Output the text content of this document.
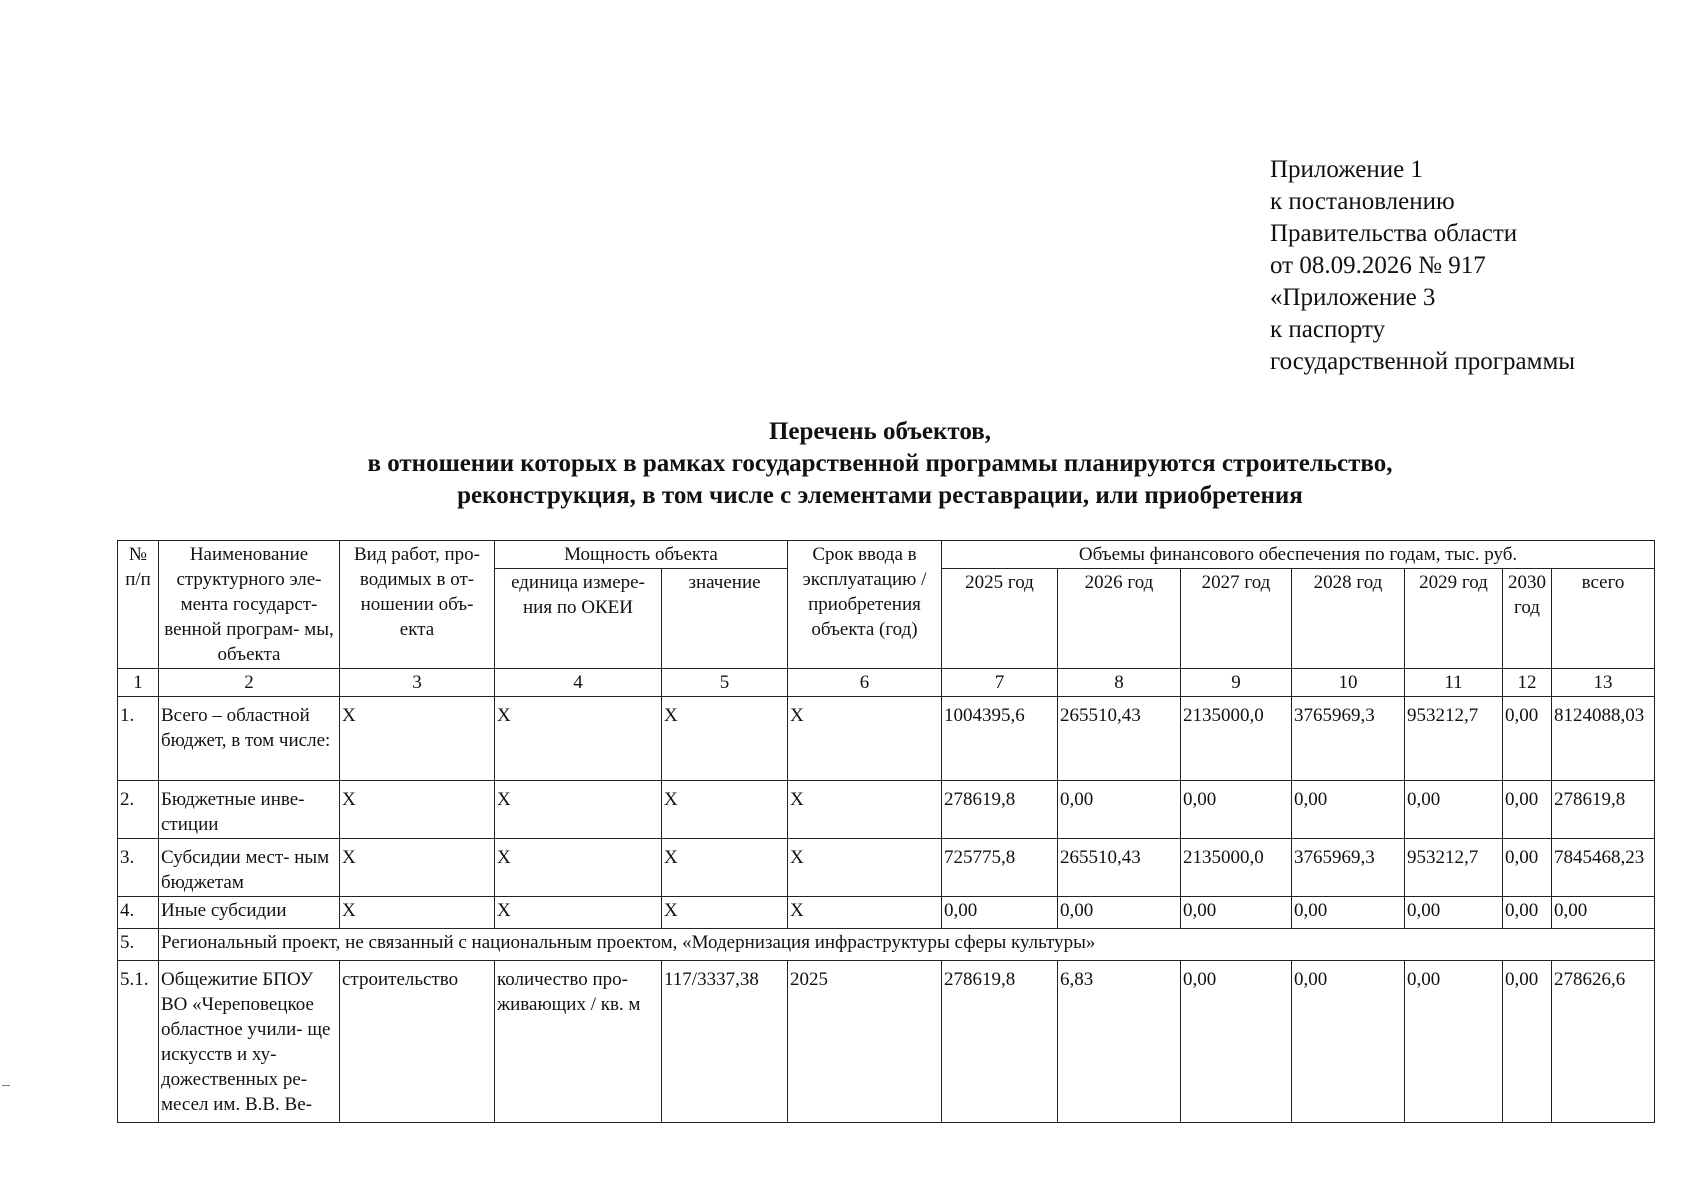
Приложение 1
к постановлению
Правительства области
от 08.09.2026 № 917
«Приложение 3
к паспорту
государственной программы
Перечень объектов,
в отношении которых в рамках государственной программы планируются строительство,
реконструкция, в том числе с элементами реставрации, или приобретения
№ п/п	Наименование структурного эле- мента государст- венной програм- мы, объекта	Вид работ, про- водимых в от- ношении объ- екта	Мощность объекта		Срок ввода в эксплуатацию / приобретения объекта (год)	Объемы финансового обеспечения по годам, тыс. руб.						
			единица измере- ния по ОКЕИ	значение		2025 год	2026 год	2027 год	2028 год	2029 год	2030 год	всего
1	2	3	4	5	6	7	8	9	10	11	12	13
1.	Всего – областной бюджет, в том числе:	Х	Х	Х	Х	1004395,6	265510,43	2135000,0	3765969,3	953212,7	0,00	8124088,03
2.	Бюджетные инве- стиции	Х	Х	Х	Х	278619,8	0,00	0,00	0,00	0,00	0,00	278619,8
3.	Субсидии мест- ным бюджетам	Х	Х	Х	Х	725775,8	265510,43	2135000,0	3765969,3	953212,7	0,00	7845468,23
4.	Иные субсидии	Х	Х	Х	Х	0,00	0,00	0,00	0,00	0,00	0,00	0,00
5.	Региональный проект, не связанный с национальным проектом, «Модернизация инфраструктуры сферы культуры»											
5.1.	Общежитие БПОУ ВО «Череповецкое областное учили- ще искусств и ху- дожественных ре- месел им. В.В. Ве-	строительство	количество про- живающих / кв. м	117/3337,38	2025	278619,8	6,83	0,00	0,00	0,00	0,00	278626,6
